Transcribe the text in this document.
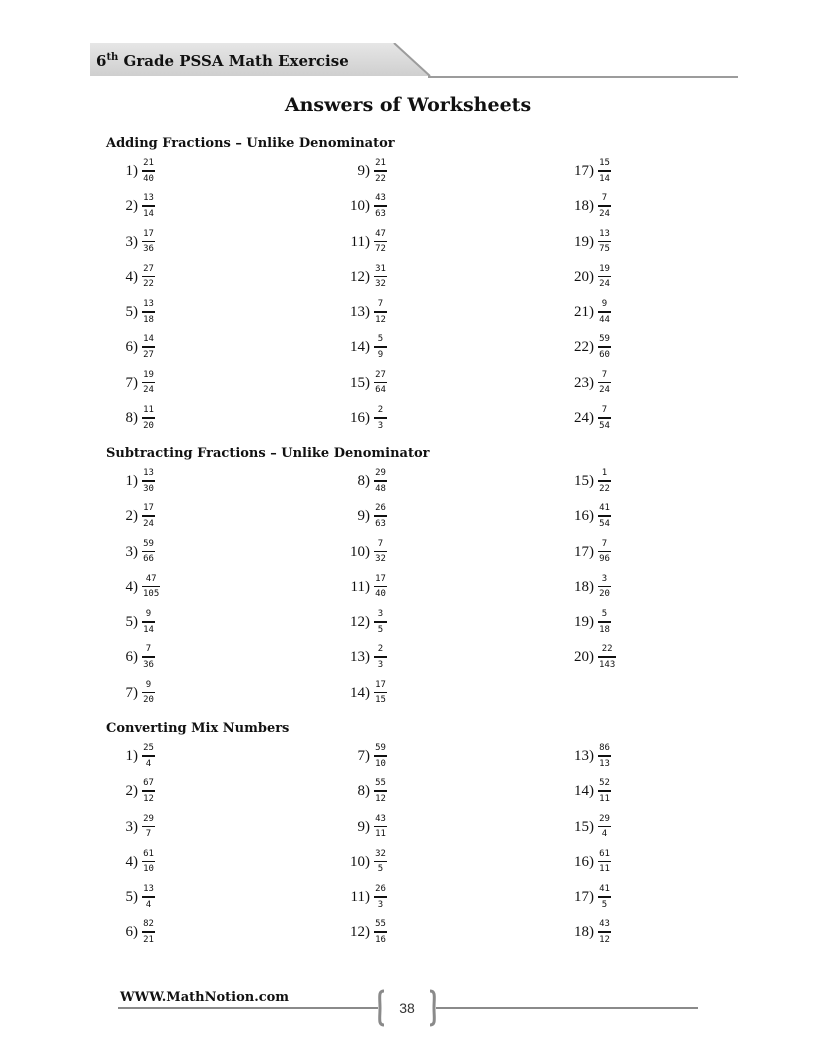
6th Grade PSSA Math Exercise
Answers of Worksheets
Adding Fractions – Unlike Denominator
1) 21
40
2) 13
14
3) 17
36
4) 27
22
5) 13
18
6) 14
27
7) 19
24
8) 11
20
9) 21
22
10) 43
63
11) 47
72
12) 31
32
13) 7
12
14) 5
9
15) 27
64
16) 2
3
17) 15
14
18) 7
24
19) 13
75
20) 19
24
21) 9
44
22) 59
60
23) 7
24
24) 7
54
Subtracting Fractions – Unlike Denominator
1) 13
30
2) 17
24
3) 59
66
4) 47
105
5) 9
14
6) 7
36
7) 9
20
8) 29
48
9) 26
63
10) 7
32
11) 17
40
12) 3
5
13) 2
3
14) 17
15
15) 1
22
16) 41
54
17) 7
96
18) 3
20
19) 5
18
20) 22
143
Converting Mix Numbers
1) 25
4
2) 67
12
3) 29
7
4) 61
10
5) 13
4
6) 82
21
7) 59
10
8) 55
12
9) 43
11
10) 32
5
11) 26
3
12) 55
16
13) 86
13
14) 52
11
15) 29
4
16) 61
11
17) 41
5
18) 43
12
WWW.MathNotion.com
38
